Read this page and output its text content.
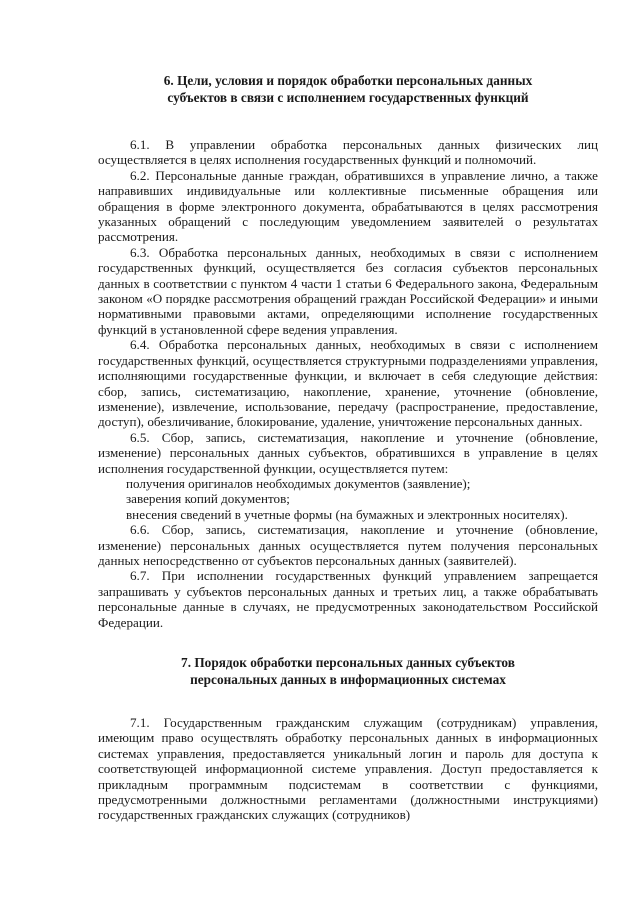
6. Цели, условия и порядок обработки персональных данных
субъектов в связи с исполнением государственных функций

6.1. В управлении обработка персональных данных физических лиц осуществляется в целях исполнения государственных функций и полномочий.

6.2. Персональные данные граждан, обратившихся в управление лично, а также направивших индивидуальные или коллективные письменные обращения или обращения в форме электронного документа, обрабатываются в целях рассмотрения указанных обращений с последующим уведомлением заявителей о результатах рассмотрения.

6.3. Обработка персональных данных, необходимых в связи с исполнением государственных функций, осуществляется без согласия субъектов персональных данных в соответствии с пунктом 4 части 1 статьи 6 Федерального закона, Федеральным законом «О порядке рассмотрения обращений граждан Российской Федерации» и иными нормативными правовыми актами, определяющими исполнение государственных функций в установленной сфере ведения управления.

6.4. Обработка персональных данных, необходимых в связи с исполнением государственных функций, осуществляется структурными подразделениями управления, исполняющими государственные функции, и включает в себя следующие действия: сбор, запись, систематизацию, накопление, хранение, уточнение (обновление, изменение), извлечение, использование, передачу (распространение, предоставление, доступ), обезличивание, блокирование, удаление, уничтожение персональных данных.

6.5. Сбор, запись, систематизация, накопление и уточнение (обновление, изменение) персональных данных субъектов, обратившихся в управление в целях исполнения государственной функции, осуществляется путем:

получения оригиналов необходимых документов (заявление);

заверения копий документов;

внесения сведений в учетные формы (на бумажных и электронных носителях).

6.6. Сбор, запись, систематизация, накопление и уточнение (обновление, изменение) персональных данных осуществляется путем получения персональных данных непосредственно от субъектов персональных данных (заявителей).

6.7. При исполнении государственных функций управлением запрещается запрашивать у субъектов персональных данных и третьих лиц, а также обрабатывать персональные данные в случаях, не предусмотренных законодательством Российской Федерации.

7. Порядок обработки персональных данных субъектов
персональных данных в информационных системах

7.1. Государственным гражданским служащим (сотрудникам) управления, имеющим право осуществлять обработку персональных данных в информационных системах управления, предоставляется уникальный логин и пароль для доступа к соответствующей информационной системе управления. Доступ предоставляется к прикладным программным подсистемам в соответствии с функциями, предусмотренными должностными регламентами (должностными инструкциями) государственных гражданских служащих (сотрудников)
